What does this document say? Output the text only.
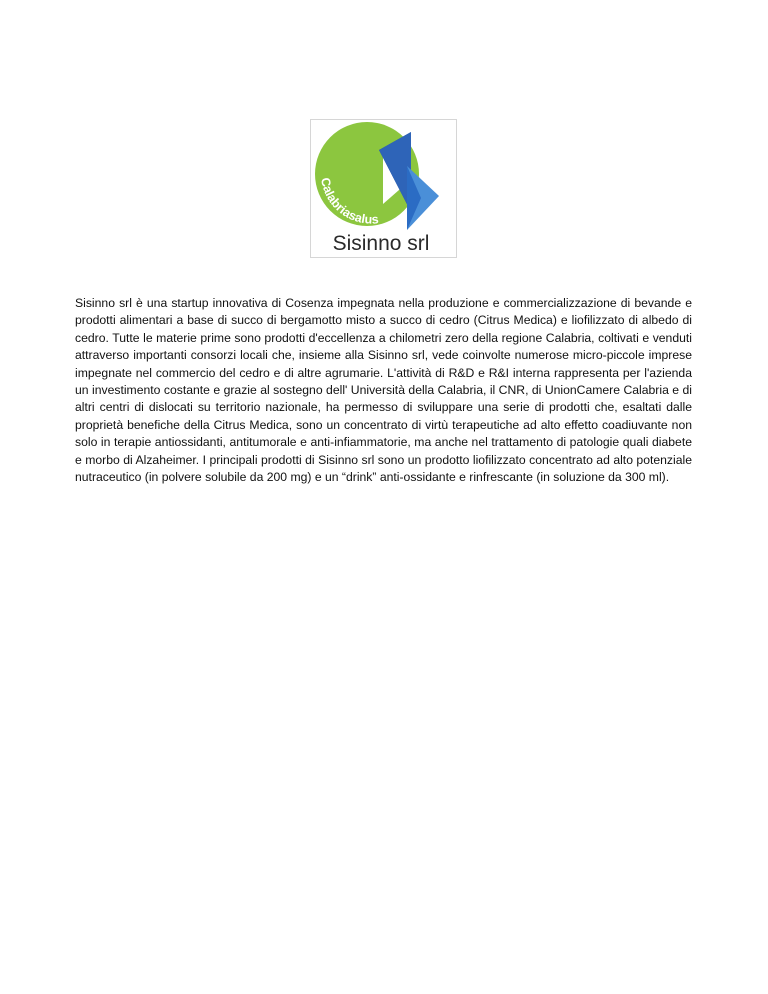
Calabriasalus
Sisinno srl

Sisinno srl è una startup innovativa di Cosenza impegnata nella produzione e commercializzazione di bevande e prodotti alimentari a base di succo di bergamotto misto a succo di cedro (Citrus Medica) e liofilizzato di albedo di cedro. Tutte le materie prime sono prodotti d'eccellenza a chilometri zero della regione Calabria, coltivati e venduti attraverso importanti consorzi locali che, insieme alla Sisinno srl, vede coinvolte numerose micro-piccole imprese impegnate nel commercio del cedro e di altre agrumarie. L'attività di R&D e R&I interna rappresenta per l'azienda un investimento costante e grazie al sostegno dell' Università della Calabria, il CNR, di UnionCamere Calabria e di altri centri di dislocati su territorio nazionale, ha permesso di sviluppare una serie di prodotti che, esaltati dalle proprietà benefiche della Citrus Medica, sono un concentrato di virtù terapeutiche ad alto effetto coadiuvante non solo in terapie antiossidanti, antitumorale e anti-infiammatorie, ma anche nel trattamento di patologie quali diabete e morbo di Alzaheimer. I principali prodotti di Sisinno srl sono un prodotto liofilizzato concentrato ad alto potenziale nutraceutico (in polvere solubile da 200 mg) e un “drink” anti-ossidante e rinfrescante (in soluzione da 300 ml).
